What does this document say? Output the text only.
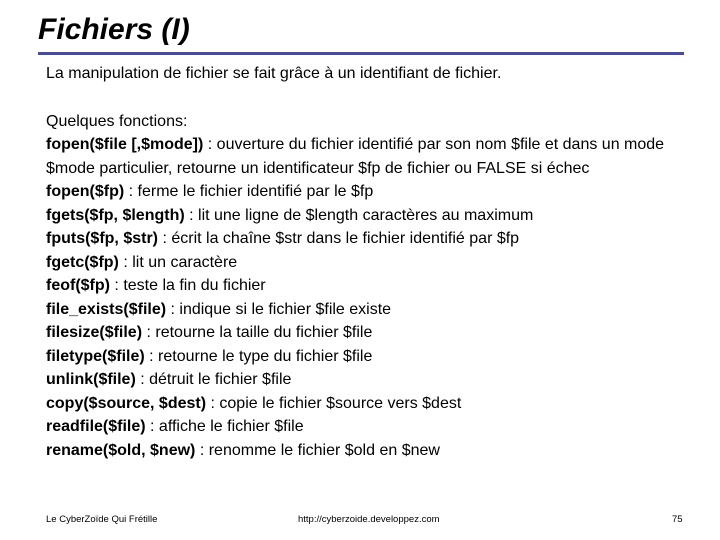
Fichiers (I)

La manipulation de fichier se fait grâce à un identifiant de fichier.

Quelques fonctions:

fopen($file [,$mode]) : ouverture du fichier identifié par son nom $file et dans un mode $mode particulier, retourne un identificateur $fp de fichier ou FALSE si échec

fopen($fp) : ferme le fichier identifié par le $fp

fgets($fp, $length) : lit une ligne de $length caractères au maximum

fputs($fp, $str) : écrit la chaîne $str dans le fichier identifié par $fp

fgetc($fp) : lit un caractère

feof($fp) : teste la fin du fichier

file_exists($file) : indique si le fichier $file existe

filesize($file) : retourne la taille du fichier $file

filetype($file) : retourne le type du fichier $file

unlink($file) : détruit le fichier $file

copy($source, $dest) : copie le fichier $source vers $dest

readfile($file) : affiche le fichier $file

rename($old, $new) : renomme le fichier $old en $new

Le CyberZoïde Qui Frétille	http://cyberzoide.developpez.com	75
